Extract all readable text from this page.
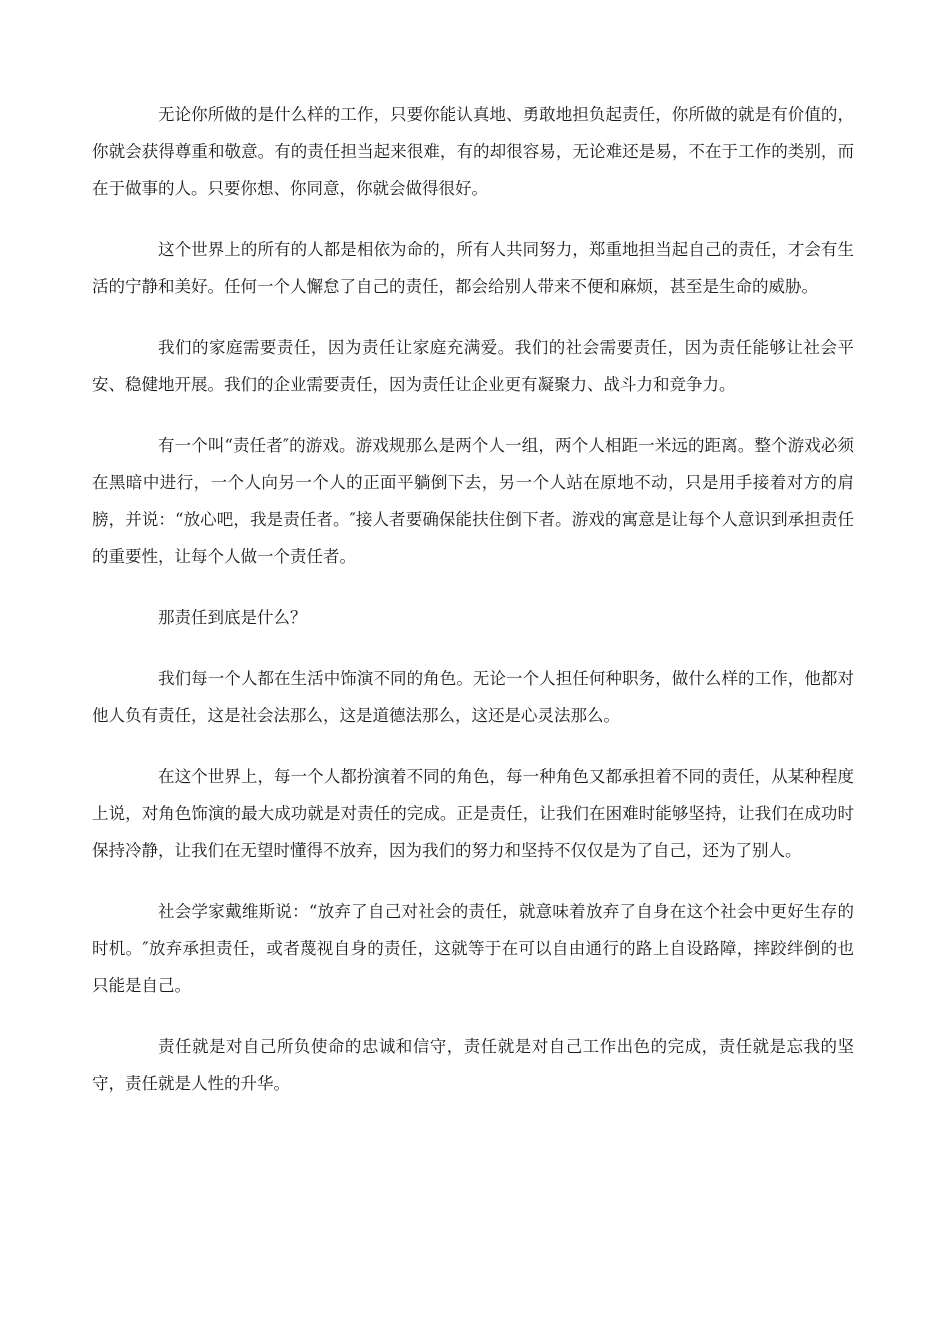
无论你所做的是什么样的工作，只要你能认真地、勇敢地担负起责任，你所做的就是有价值的，你就会获得尊重和敬意。有的责任担当起来很难，有的却很容易，无论难还是易，不在于工作的类别，而在于做事的人。只要你想、你同意，你就会做得很好。

这个世界上的所有的人都是相依为命的，所有人共同努力，郑重地担当起自己的责任，才会有生活的宁静和美好。任何一个人懈怠了自己的责任，都会给别人带来不便和麻烦，甚至是生命的威胁。

我们的家庭需要责任，因为责任让家庭充满爱。我们的社会需要责任，因为责任能够让社会平安、稳健地开展。我们的企业需要责任，因为责任让企业更有凝聚力、战斗力和竞争力。

有一个叫“责任者″的游戏。游戏规那么是两个人一组，两个人相距一米远的距离。整个游戏必须在黑暗中进行，一个人向另一个人的正面平躺倒下去，另一个人站在原地不动，只是用手接着对方的肩膀，并说：“放心吧，我是责任者。″接人者要确保能扶住倒下者。游戏的寓意是让每个人意识到承担责任的重要性，让每个人做一个责任者。

那责任到底是什么？

我们每一个人都在生活中饰演不同的角色。无论一个人担任何种职务，做什么样的工作，他都对他人负有责任，这是社会法那么，这是道德法那么，这还是心灵法那么。

在这个世界上，每一个人都扮演着不同的角色，每一种角色又都承担着不同的责任，从某种程度上说，对角色饰演的最大成功就是对责任的完成。正是责任，让我们在困难时能够坚持，让我们在成功时保持冷静，让我们在无望时懂得不放弃，因为我们的努力和坚持不仅仅是为了自己，还为了别人。

社会学家戴维斯说：“放弃了自己对社会的责任，就意味着放弃了自身在这个社会中更好生存的时机。″放弃承担责任，或者蔑视自身的责任，这就等于在可以自由通行的路上自设路障，摔跤绊倒的也只能是自己。

责任就是对自己所负使命的忠诚和信守，责任就是对自己工作出色的完成，责任就是忘我的坚守，责任就是人性的升华。
